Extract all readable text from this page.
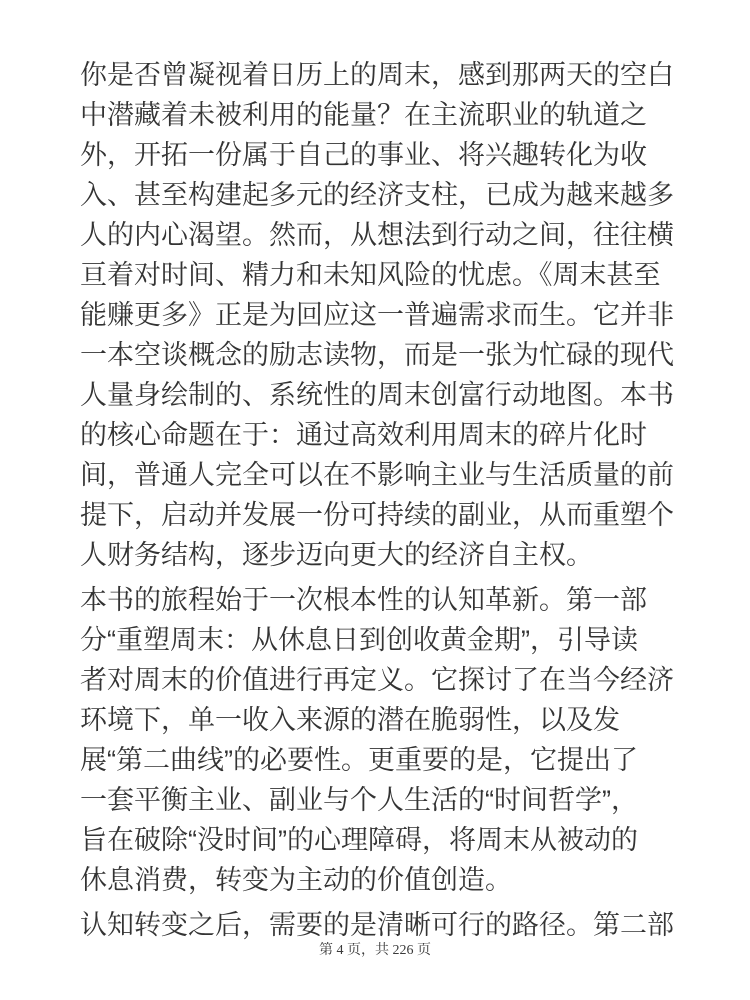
你是否曾凝视着日历上的周末，感到那两天的空白
中潜藏着未被利用的能量？在主流职业的轨道之
外，开拓一份属于自己的事业、将兴趣转化为收
入、甚至构建起多元的经济支柱，已成为越来越多
人的内心渴望。然而，从想法到行动之间，往往横
亘着对时间、精力和未知风险的忧虑。《周末甚至
能赚更多》正是为回应这一普遍需求而生。它并非
一本空谈概念的励志读物，而是一张为忙碌的现代
人量身绘制的、系统性的周末创富行动地图。本书
的核心命题在于：通过高效利用周末的碎片化时
间，普通人完全可以在不影响主业与生活质量的前
提下，启动并发展一份可持续的副业，从而重塑个
人财务结构，逐步迈向更大的经济自主权。
本书的旅程始于一次根本性的认知革新。第一部
分“重塑周末：从休息日到创收黄金期”，引导读
者对周末的价值进行再定义。它探讨了在当今经济
环境下，单一收入来源的潜在脆弱性，以及发
展“第二曲线”的必要性。更重要的是，它提出了
一套平衡主业、副业与个人生活的“时间哲学”，
旨在破除“没时间”的心理障碍，将周末从被动的
休息消费，转变为主动的价值创造。
认知转变之后，需要的是清晰可行的路径。第二部
第 4 页，共 226 页
